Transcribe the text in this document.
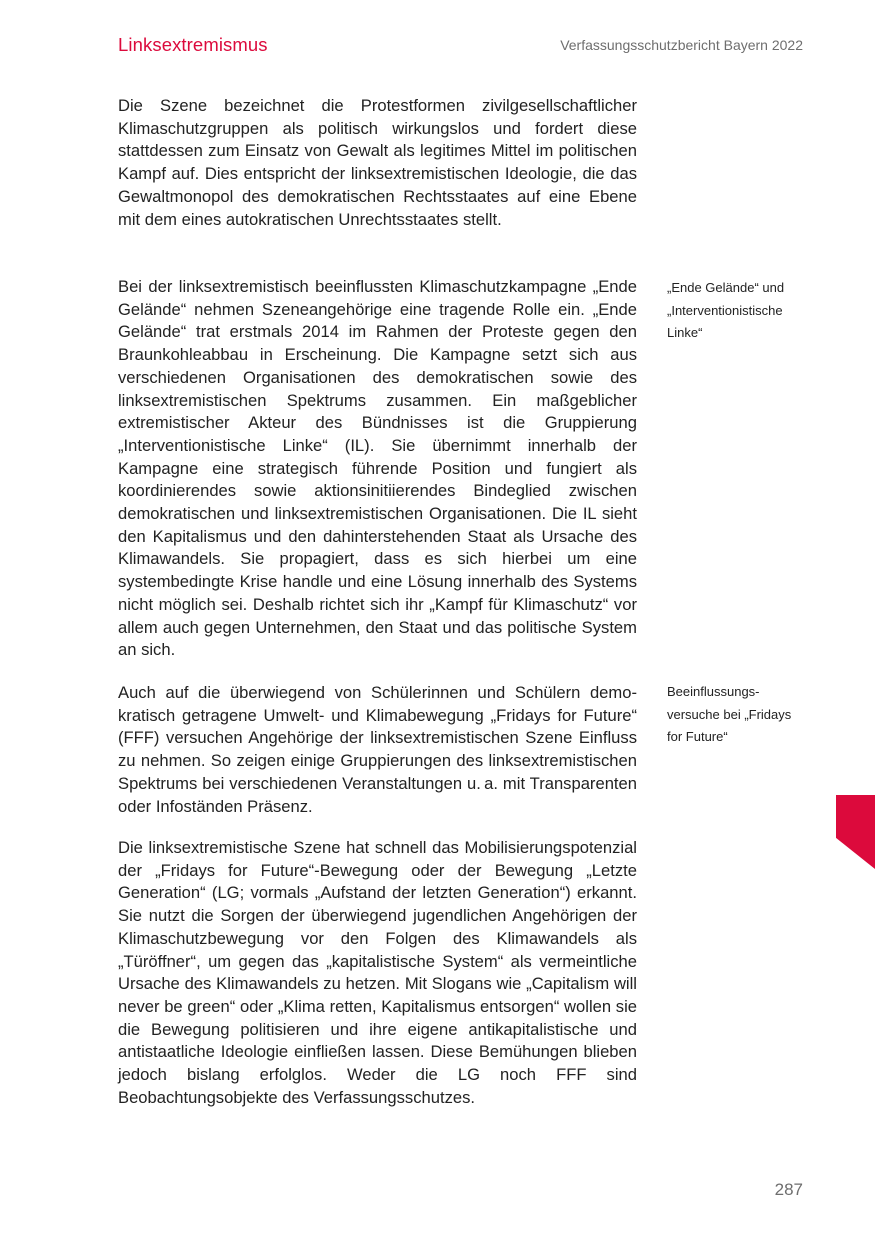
Linksextremismus	Verfassungsschutzbericht Bayern 2022

Die Szene bezeichnet die Protestformen zivilgesellschaftlicher Klimaschutzgruppen als politisch wirkungslos und fordert diese stattdessen zum Einsatz von Gewalt als legitimes Mittel im politischen Kampf auf. Dies entspricht der linksextremistischen Ideologie, die das Gewaltmonopol des demokratischen Rechtsstaates auf eine Ebene mit dem eines autokratischen Unrechtsstaates stellt.

Bei der linksextremistisch beeinflussten Klimaschutzkampagne „Ende Gelände“ nehmen Szeneangehörige eine tragende Rolle ein. „Ende Gelände“ trat erstmals 2014 im Rahmen der Proteste gegen den Braunkohleabbau in Erscheinung. Die Kampagne setzt sich aus verschiedenen Organisationen des demokratischen sowie des linksextremistischen Spektrums zusammen. Ein maßgeblicher extremistischer Akteur des Bündnisses ist die Gruppierung „Interventionistische Linke“ (IL). Sie übernimmt innerhalb der Kampagne eine strategisch führende Position und fungiert als koordinierendes sowie aktionsinitiierendes Bindeglied zwischen demokratischen und linksextremistischen Organisationen. Die IL sieht den Kapitalismus und den dahinterstehenden Staat als Ursache des Klimawandels. Sie propagiert, dass es sich hierbei um eine systembedingte Krise handle und eine Lösung innerhalb des Systems nicht möglich sei. Deshalb richtet sich ihr „Kampf für Klimaschutz“ vor allem auch gegen Unternehmen, den Staat und das politische System an sich.

Auch auf die überwiegend von Schülerinnen und Schülern demokratisch getragene Umwelt- und Klimabewegung „Fridays for Future“ (FFF) versuchen Angehörige der linksextremistischen Szene Einfluss zu nehmen. So zeigen einige Gruppierungen des linksextremistischen Spektrums bei verschiedenen Veranstaltungen u. a. mit Transparenten oder Infoständen Präsenz.

Die linksextremistische Szene hat schnell das Mobilisierungspotenzial der „Fridays for Future“-Bewegung oder der Bewegung „Letzte Generation“ (LG; vormals „Aufstand der letzten Generation“) erkannt. Sie nutzt die Sorgen der überwiegend jugendlichen Angehörigen der Klimaschutzbewegung vor den Folgen des Klimawandels als „Türöffner“, um gegen das „kapitalistische System“ als vermeintliche Ursache des Klimawandels zu hetzen. Mit Slogans wie „Capitalism will never be green“ oder „Klima retten, Kapitalismus entsorgen“ wollen sie die Bewegung politisieren und ihre eigene antikapitalistische und antistaatliche Ideologie einfließen lassen. Diese Bemühungen blieben jedoch bislang erfolglos. Weder die LG noch FFF sind Beobachtungsobjekte des Verfassungsschutzes.

„Ende Gelände“ und „Interventionistische Linke“

Beeinflussungsversuche bei „Fridays for Future“

287
